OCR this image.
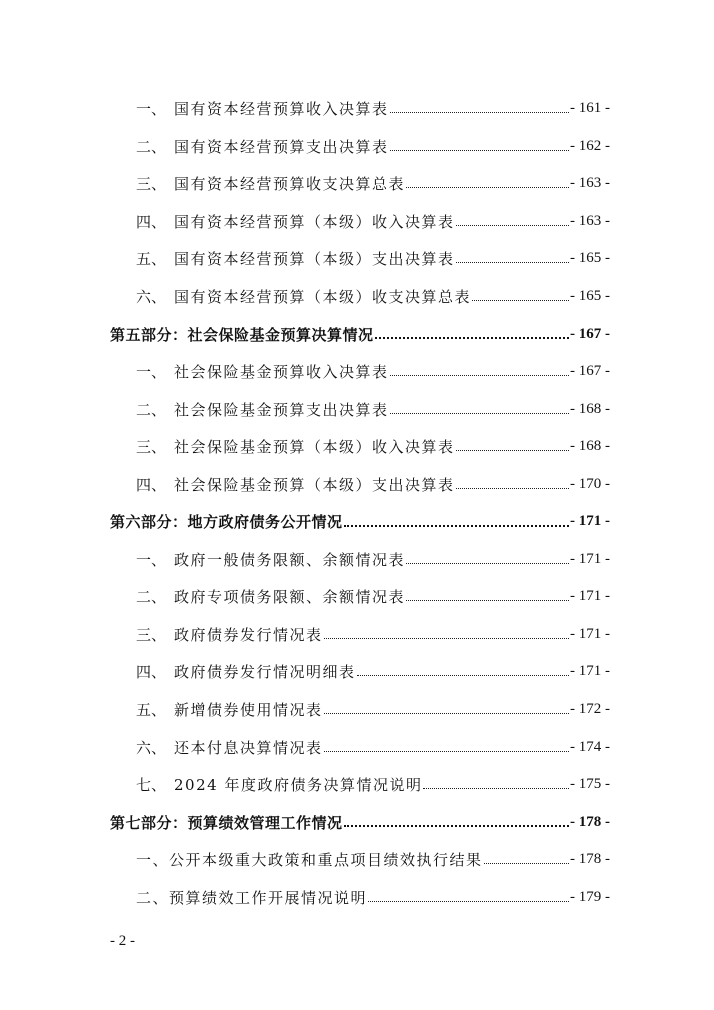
一、 国有资本经营预算收入决算表	- 161 -
二、 国有资本经营预算支出决算表	- 162 -
三、 国有资本经营预算收支决算总表	- 163 -
四、 国有资本经营预算（本级）收入决算表	- 163 -
五、 国有资本经营预算（本级）支出决算表	- 165 -
六、 国有资本经营预算（本级）收支决算总表	- 165 -
第五部分：社会保险基金预算决算情况	- 167 -
一、 社会保险基金预算收入决算表	- 167 -
二、 社会保险基金预算支出决算表	- 168 -
三、 社会保险基金预算（本级）收入决算表	- 168 -
四、 社会保险基金预算（本级）支出决算表	- 170 -
第六部分：地方政府债务公开情况	- 171 -
一、 政府一般债务限额、余额情况表	- 171 -
二、 政府专项债务限额、余额情况表	- 171 -
三、 政府债券发行情况表	- 171 -
四、 政府债券发行情况明细表	- 171 -
五、 新增债券使用情况表	- 172 -
六、 还本付息决算情况表	- 174 -
七、 2024 年度政府债务决算情况说明	- 175 -
第七部分：预算绩效管理工作情况	- 178 -
一、公开本级重大政策和重点项目绩效执行结果	- 178 -
二、预算绩效工作开展情况说明	- 179 -
- 2 -
